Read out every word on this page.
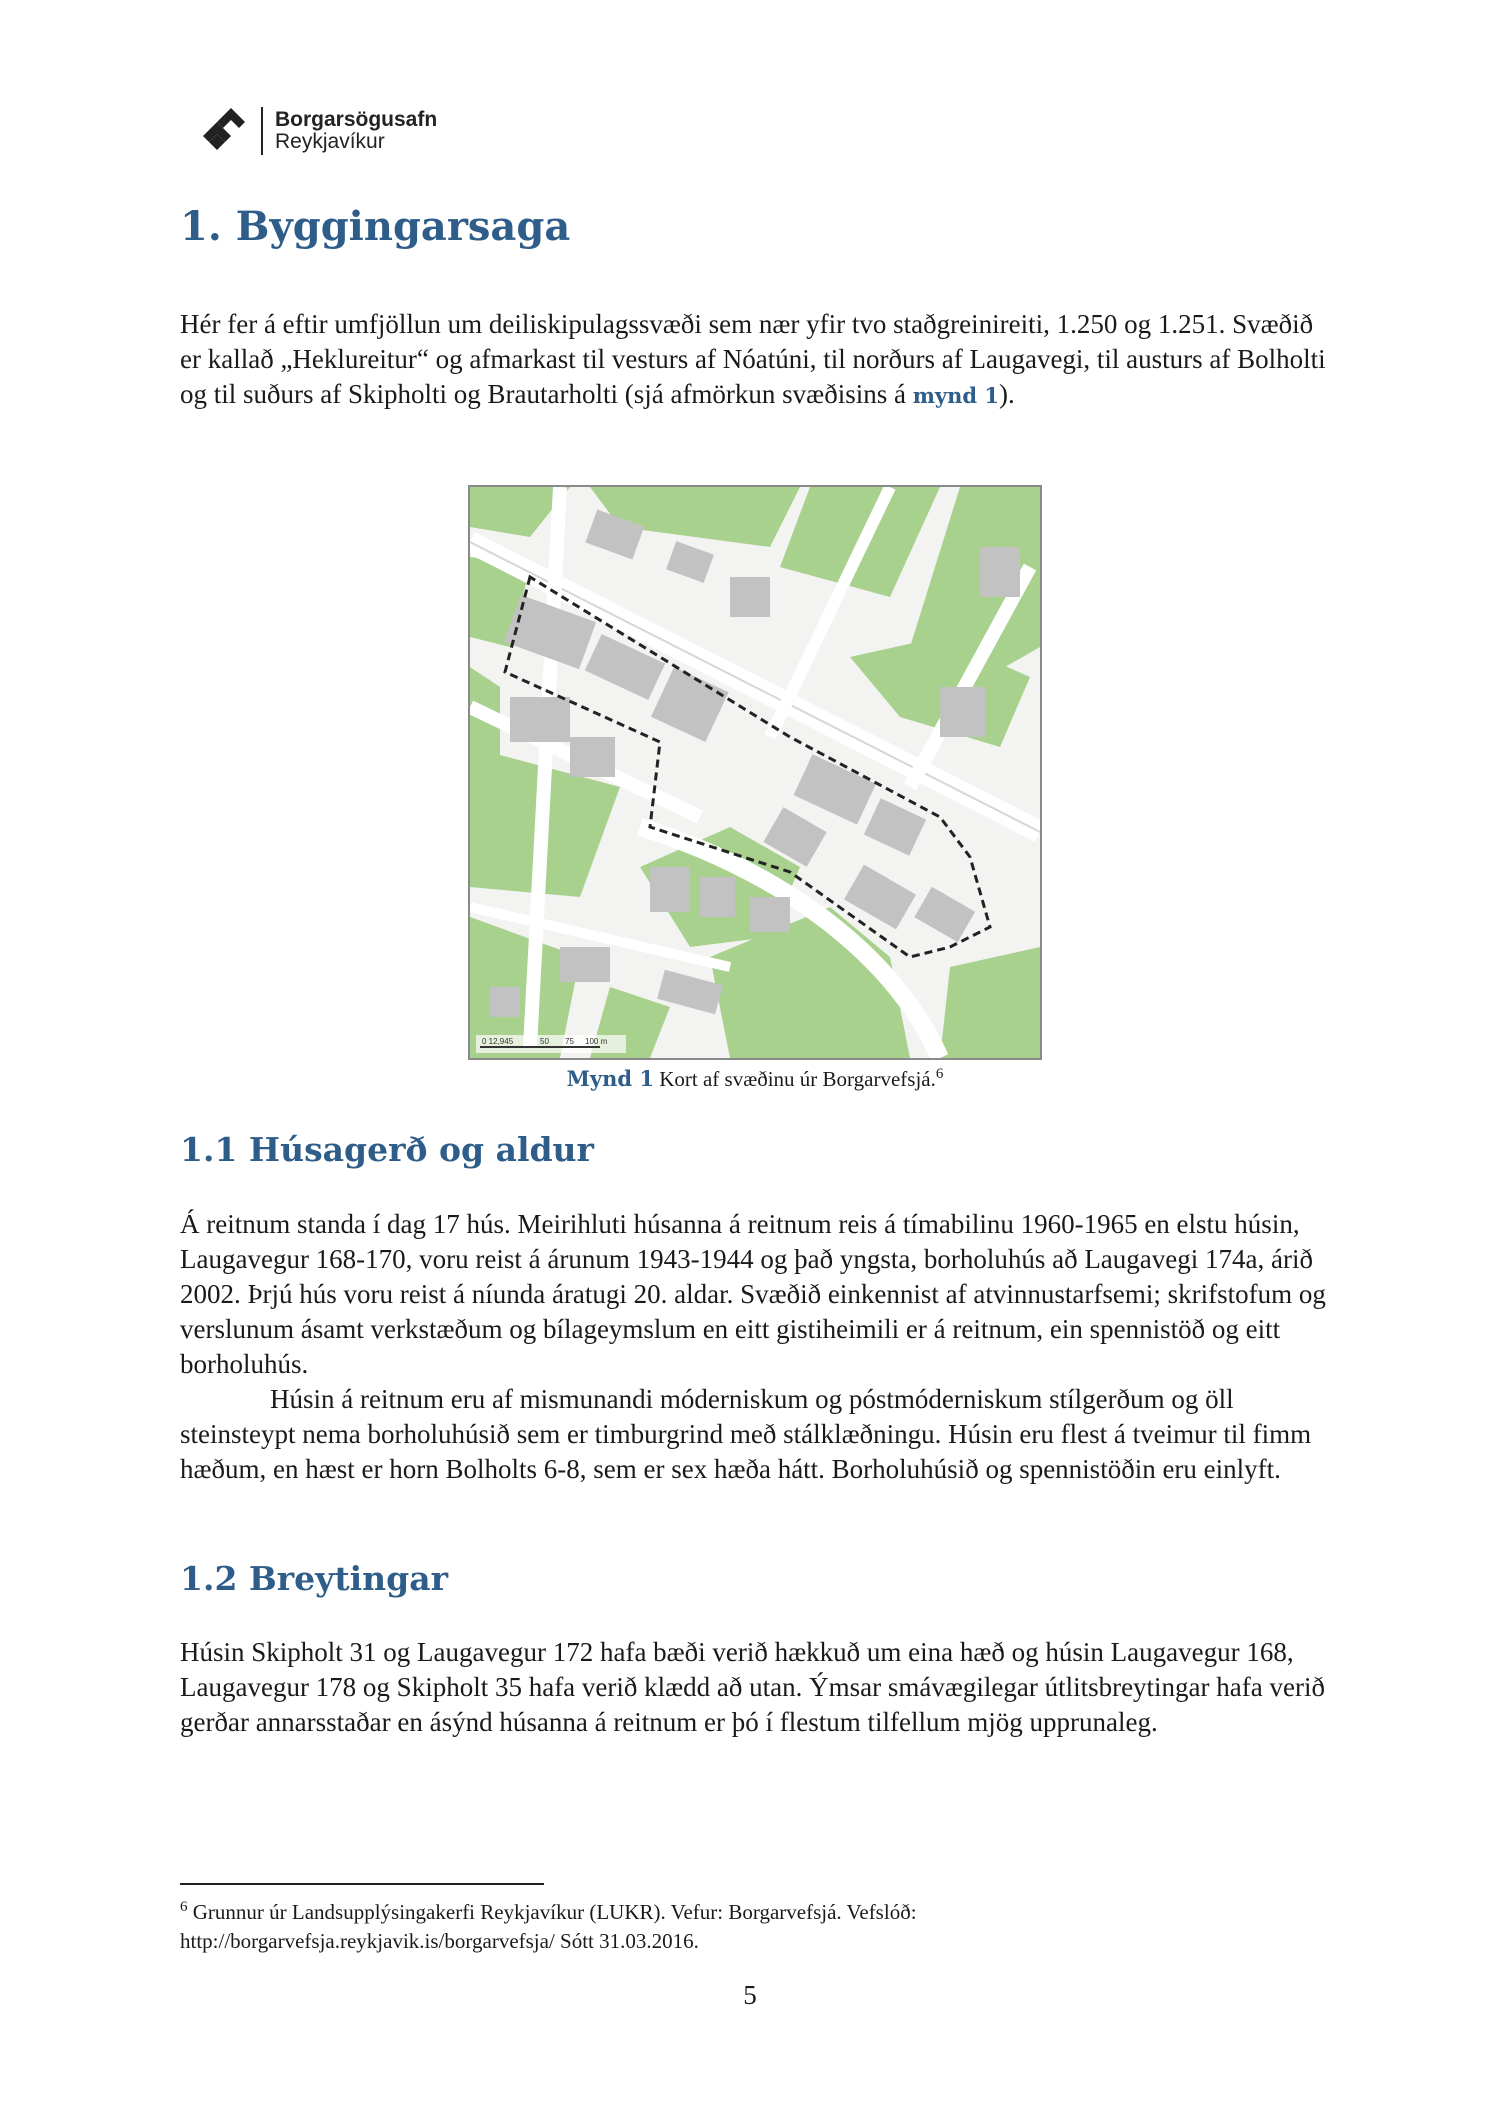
Borgarsögusafn
Reykjavíkur
1. Byggingarsaga

Hér fer á eftir umfjöllun um deiliskipulagssvæði sem nær yfir tvo staðgreinireiti, 1.250 og 1.251. Svæðið er kallað „Heklureitur“ og afmarkast til vesturs af Nóatúni, til norðurs af Laugavegi, til austurs af Bolholti og til suðurs af Skipholti og Brautarholti (sjá afmörkun svæðisins á mynd 1).

0 12,945	50 75 100 m
Mynd 1 Kort af svæðinu úr Borgarvefsjá.$^6$
1.1 Húsagerð og aldur

Á reitnum standa í dag 17 hús. Meirihluti húsanna á reitnum reis á tímabilinu 1960-1965 en elstu húsin, Laugavegur 168-170, voru reist á árunum 1943-1944 og það yngsta, borholuhús að Laugavegi 174a, árið 2002. Þrjú hús voru reist á níunda áratugi 20. aldar. Svæðið einkennist af atvinnustarfsemi; skrifstofum og verslunum ásamt verkstæðum og bílageymslum en eitt gistiheimili er á reitnum, ein spennistöð og eitt borholuhús.

Húsin á reitnum eru af mismunandi móderniskum og póstmóderniskum stílgerðum og öll steinsteypt nema borholuhúsið sem er timburgrind með stálklæðningu. Húsin eru flest á tveimur til fimm hæðum, en hæst er horn Bolholts 6-8, sem er sex hæða hátt. Borholuhúsið og spennistöðin eru einlyft.

1.2 Breytingar

Húsin Skipholt 31 og Laugavegur 172 hafa bæði verið hækkuð um eina hæð og húsin Laugavegur 168, Laugavegur 178 og Skipholt 35 hafa verið klædd að utan. Ýmsar smávægilegar útlitsbreytingar hafa verið gerðar annarsstaðar en ásýnd húsanna á reitnum er þó í flestum tilfellum mjög upprunaleg.

$^6$ Grunnur úr Landsupplýsingakerfi Reykjavíkur (LUKR). Vefur: Borgarvefsjá. Vefslóð:
http://borgarvefsja.reykjavik.is/borgarvefsja/ Sótt 31.03.2016.
5
